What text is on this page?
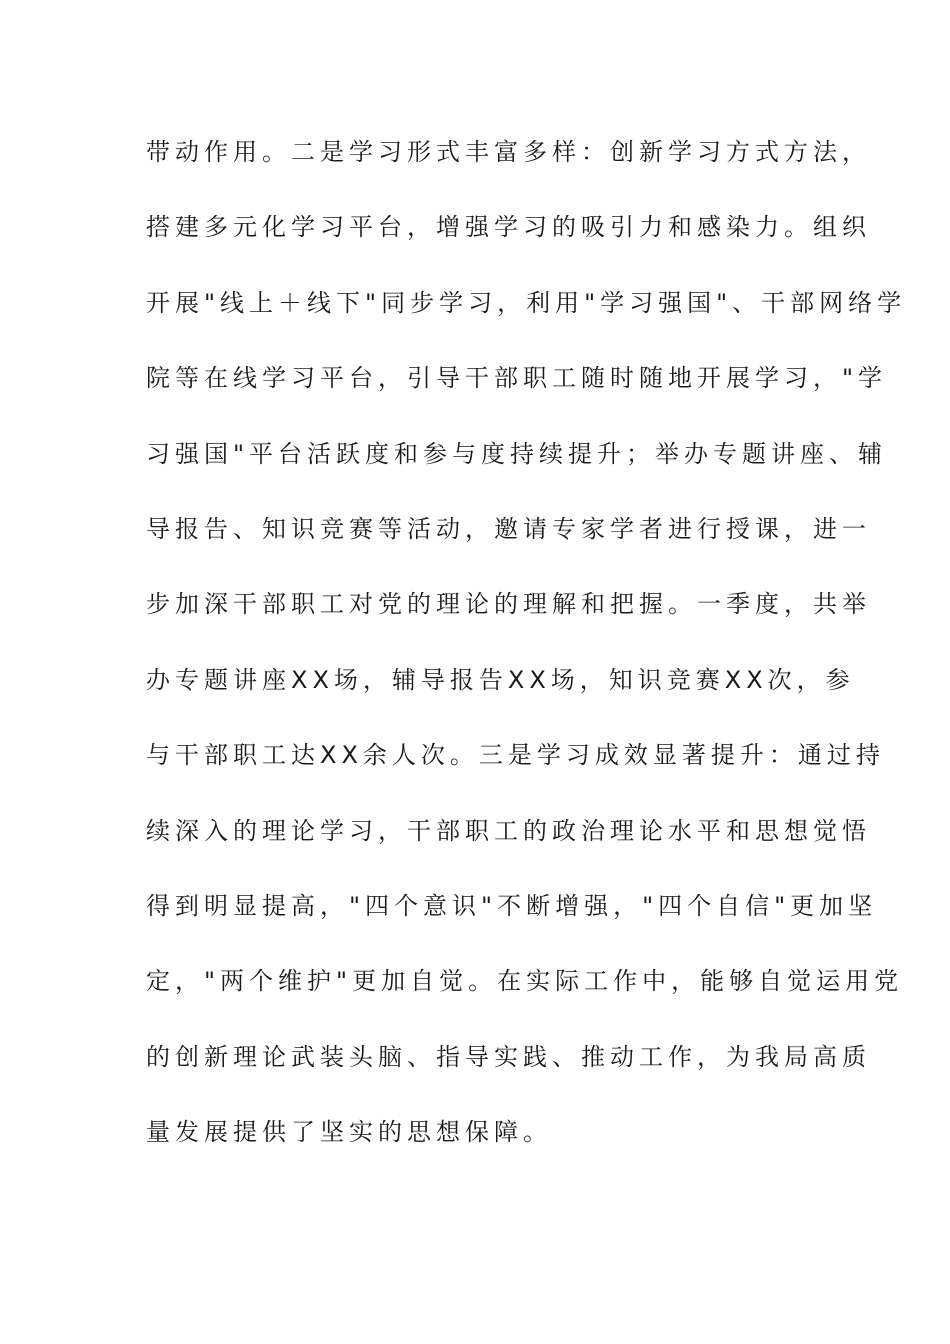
带动作用。二是学习形式丰富多样：创新学习方式方法，
搭建多元化学习平台，增强学习的吸引力和感染力。组织
开展"线上＋线下"同步学习，利用"学习强国"、干部网络学
院等在线学习平台，引导干部职工随时随地开展学习，"学
习强国"平台活跃度和参与度持续提升；举办专题讲座、辅
导报告、知识竞赛等活动，邀请专家学者进行授课，进一
步加深干部职工对党的理论的理解和把握。一季度，共举
办专题讲座XX场，辅导报告XX场，知识竞赛XX次，参
与干部职工达XX余人次。三是学习成效显著提升：通过持
续深入的理论学习，干部职工的政治理论水平和思想觉悟
得到明显提高，"四个意识"不断增强，"四个自信"更加坚
定，"两个维护"更加自觉。在实际工作中，能够自觉运用党
的创新理论武装头脑、指导实践、推动工作，为我局高质
量发展提供了坚实的思想保障。
